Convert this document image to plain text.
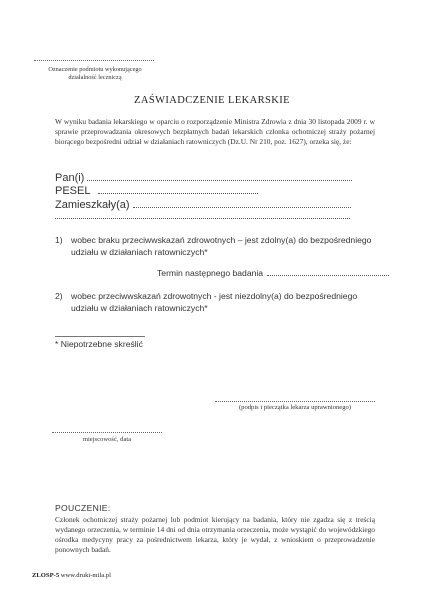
Oznaczenie podmiotu wykonującego
działalność leczniczą
ZAŚWIADCZENIE LEKARSKIE
W wyniku badania lekarskiego w oparciu o rozporządzenie Ministra Zdrowia z dnia 30 listopada 2009 r. w sprawie przeprowadzania okresowych bezpłatnych badań lekarskich członka ochotniczej straży pożarnej biorącego bezpośredni udział w działaniach ratowniczych (Dz.U. Nr 210, poz. 1627), orzeka się, że:
Pan(i)
PESEL
Zamieszkały(a)
1) wobec braku przeciwwskazań zdrowotnych – jest zdolny(a) do bezpośredniego udziału w działaniach ratowniczych*
Termin następnego badania
2) wobec przeciwwskazań zdrowotnych - jest niezdolny(a) do bezpośredniego udziału w działaniach ratowniczych*
* Niepotrzebne skreślić
(podpis i pieczątka lekarza uprawnionego)
miejscowość, data
POUCZENIE:
Członek ochotniczej straży pożarnej lub podmiot kierujący na badania, który nie zgadza się z treścią wydanego orzeczenia, w terminie 14 dni od dnia otrzymania orzeczenia, może wystąpić do wojewódzkiego ośrodka medycyny pracy za pośrednictwem lekarza, który je wydał, z wnioskiem o przeprowadzenie ponownych badań.
ZLOSP-5 www.druki-mila.pl
